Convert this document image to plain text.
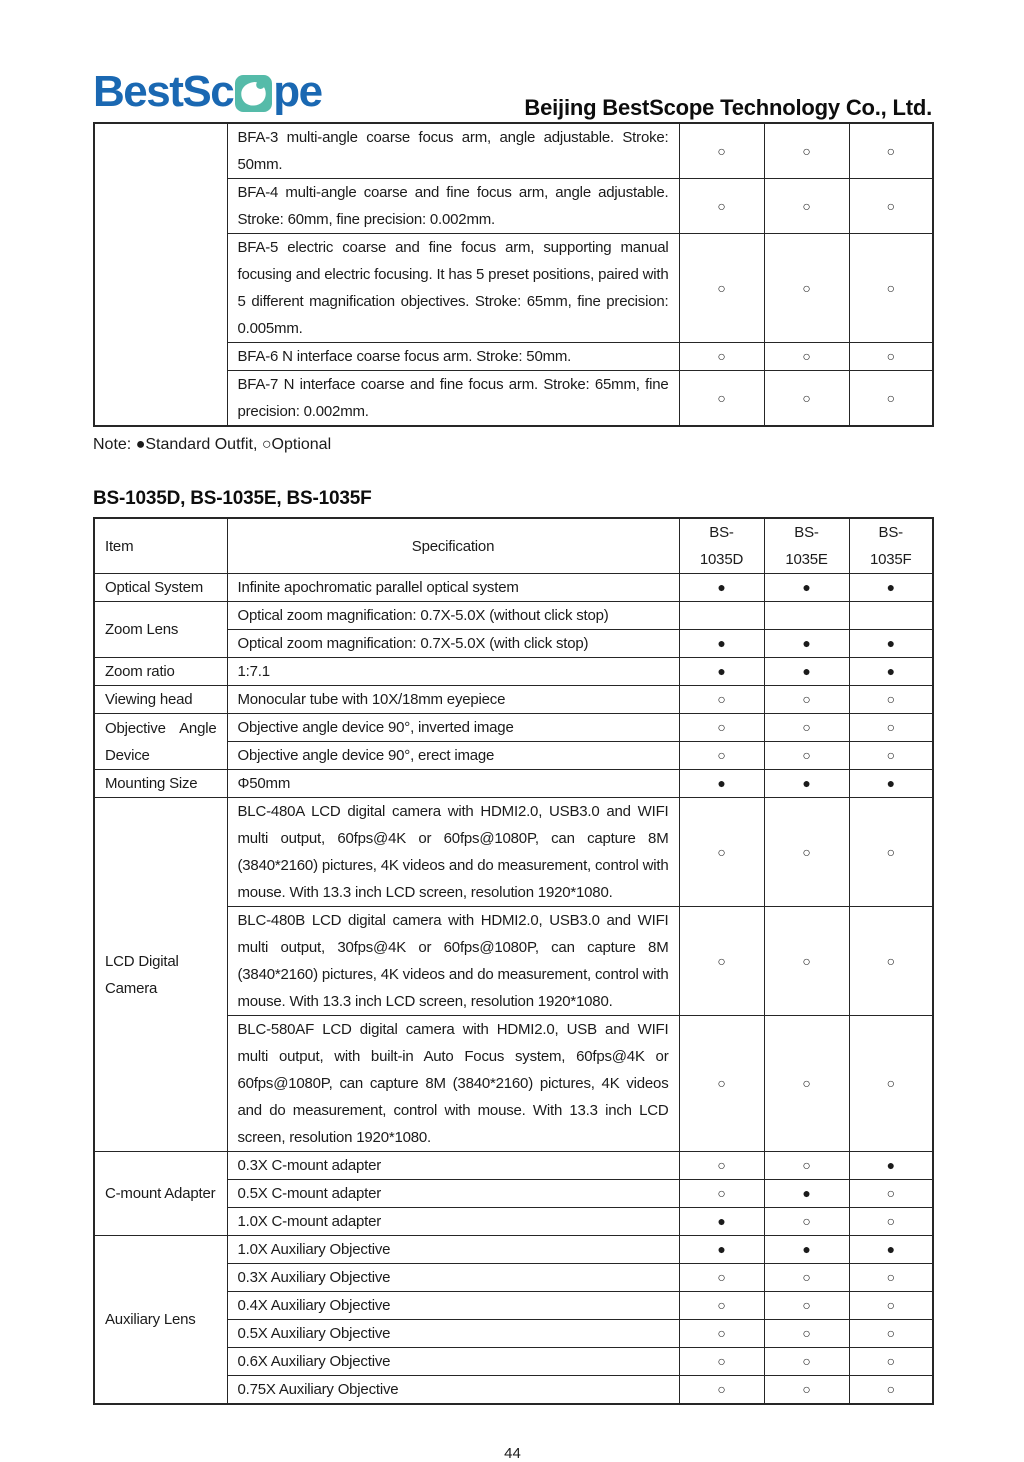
BestSc pe	Beijing BestScope Technology Co., Ltd.
	BFA-3 multi-angle coarse focus arm, angle adjustable. Stroke: 50mm.	○	○	○
	BFA-4 multi-angle coarse and fine focus arm, angle adjustable. Stroke: 60mm, fine precision: 0.002mm.	○	○	○
	BFA-5 electric coarse and fine focus arm, supporting manual focusing and electric focusing. It has 5 preset positions, paired with 5 different magnification objectives. Stroke: 65mm, fine precision: 0.005mm.	○	○	○
	BFA-6 N interface coarse focus arm. Stroke: 50mm.	○	○	○
	BFA-7 N interface coarse and fine focus arm. Stroke: 65mm, fine precision: 0.002mm.	○	○	○
Note: ●Standard Outfit, ○Optional
BS-1035D, BS-1035E, BS-1035F
Item	Specification	BS-1035D	BS-1035E	BS-1035F
Optical System	Infinite apochromatic parallel optical system	●	●	●
Zoom Lens	Optical zoom magnification: 0.7X-5.0X (without click stop)			
	Optical zoom magnification: 0.7X-5.0X (with click stop)	●	●	●
Zoom ratio	1:7.1	●	●	●
Viewing head	Monocular tube with 10X/18mm eyepiece	○	○	○
Objective Angle Device	Objective angle device 90°, inverted image	○	○	○
	Objective angle device 90°, erect image	○	○	○
Mounting Size	Φ50mm	●	●	●
LCD Digital Camera	BLC-480A LCD digital camera with HDMI2.0, USB3.0 and WIFI multi output, 60fps@4K or 60fps@1080P, can capture 8M (3840*2160) pictures, 4K videos and do measurement, control with mouse. With 13.3 inch LCD screen, resolution 1920*1080.	○	○	○
	BLC-480B LCD digital camera with HDMI2.0, USB3.0 and WIFI multi output, 30fps@4K or 60fps@1080P, can capture 8M (3840*2160) pictures, 4K videos and do measurement, control with mouse. With 13.3 inch LCD screen, resolution 1920*1080.	○	○	○
	BLC-580AF LCD digital camera with HDMI2.0, USB and WIFI multi output, with built-in Auto Focus system, 60fps@4K or 60fps@1080P, can capture 8M (3840*2160) pictures, 4K videos and do measurement, control with mouse. With 13.3 inch LCD screen, resolution 1920*1080.	○	○	○
C-mount Adapter	0.3X C-mount adapter	○	○	●
	0.5X C-mount adapter	○	●	○
	1.0X C-mount adapter	●	○	○
Auxiliary Lens	1.0X Auxiliary Objective	●	●	●
	0.3X Auxiliary Objective	○	○	○
	0.4X Auxiliary Objective	○	○	○
	0.5X Auxiliary Objective	○	○	○
	0.6X Auxiliary Objective	○	○	○
	0.75X Auxiliary Objective	○	○	○
44
